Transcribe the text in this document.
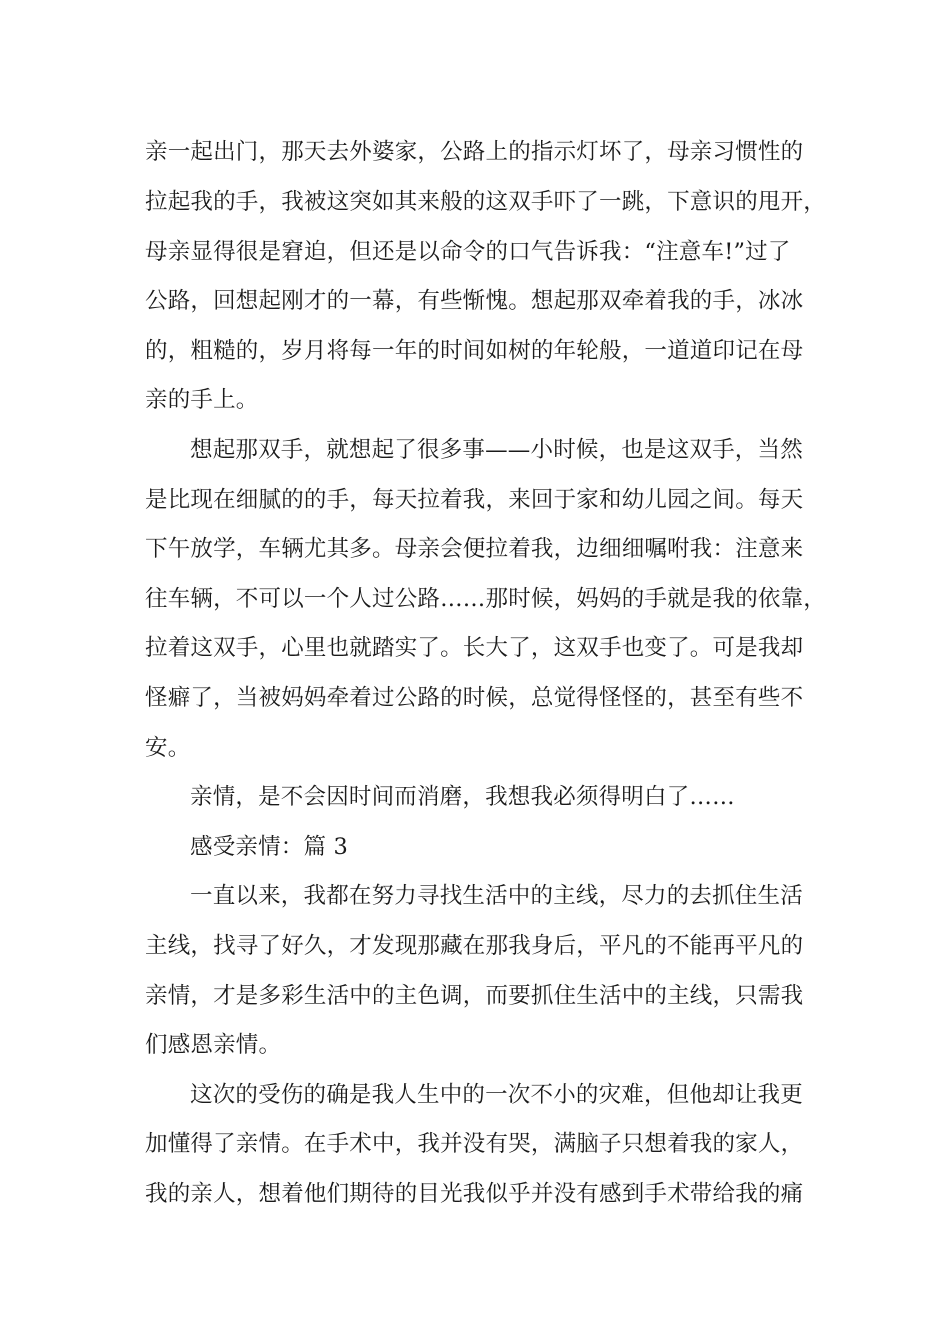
亲一起出门，那天去外婆家，公路上的指示灯坏了，母亲习惯性的
拉起我的手，我被这突如其来般的这双手吓了一跳，下意识的甩开，
母亲显得很是窘迫，但还是以命令的口气告诉我：“注意车!”过了
公路，回想起刚才的一幕，有些惭愧。想起那双牵着我的手，冰冰
的，粗糙的，岁月将每一年的时间如树的年轮般，一道道印记在母
亲的手上。
想起那双手，就想起了很多事——小时候，也是这双手，当然
是比现在细腻的的手，每天拉着我，来回于家和幼儿园之间。每天
下午放学，车辆尤其多。母亲会便拉着我，边细细嘱咐我：注意来
往车辆，不可以一个人过公路……那时候，妈妈的手就是我的依靠，
拉着这双手，心里也就踏实了。长大了，这双手也变了。可是我却
怪癖了，当被妈妈牵着过公路的时候，总觉得怪怪的，甚至有些不
安。
亲情，是不会因时间而消磨，我想我必须得明白了……
感受亲情：篇 3
一直以来，我都在努力寻找生活中的主线，尽力的去抓住生活
主线，找寻了好久，才发现那藏在那我身后，平凡的不能再平凡的
亲情，才是多彩生活中的主色调，而要抓住生活中的主线，只需我
们感恩亲情。
这次的受伤的确是我人生中的一次不小的灾难，但他却让我更
加懂得了亲情。在手术中，我并没有哭，满脑子只想着我的家人，
我的亲人，想着他们期待的目光我似乎并没有感到手术带给我的痛
